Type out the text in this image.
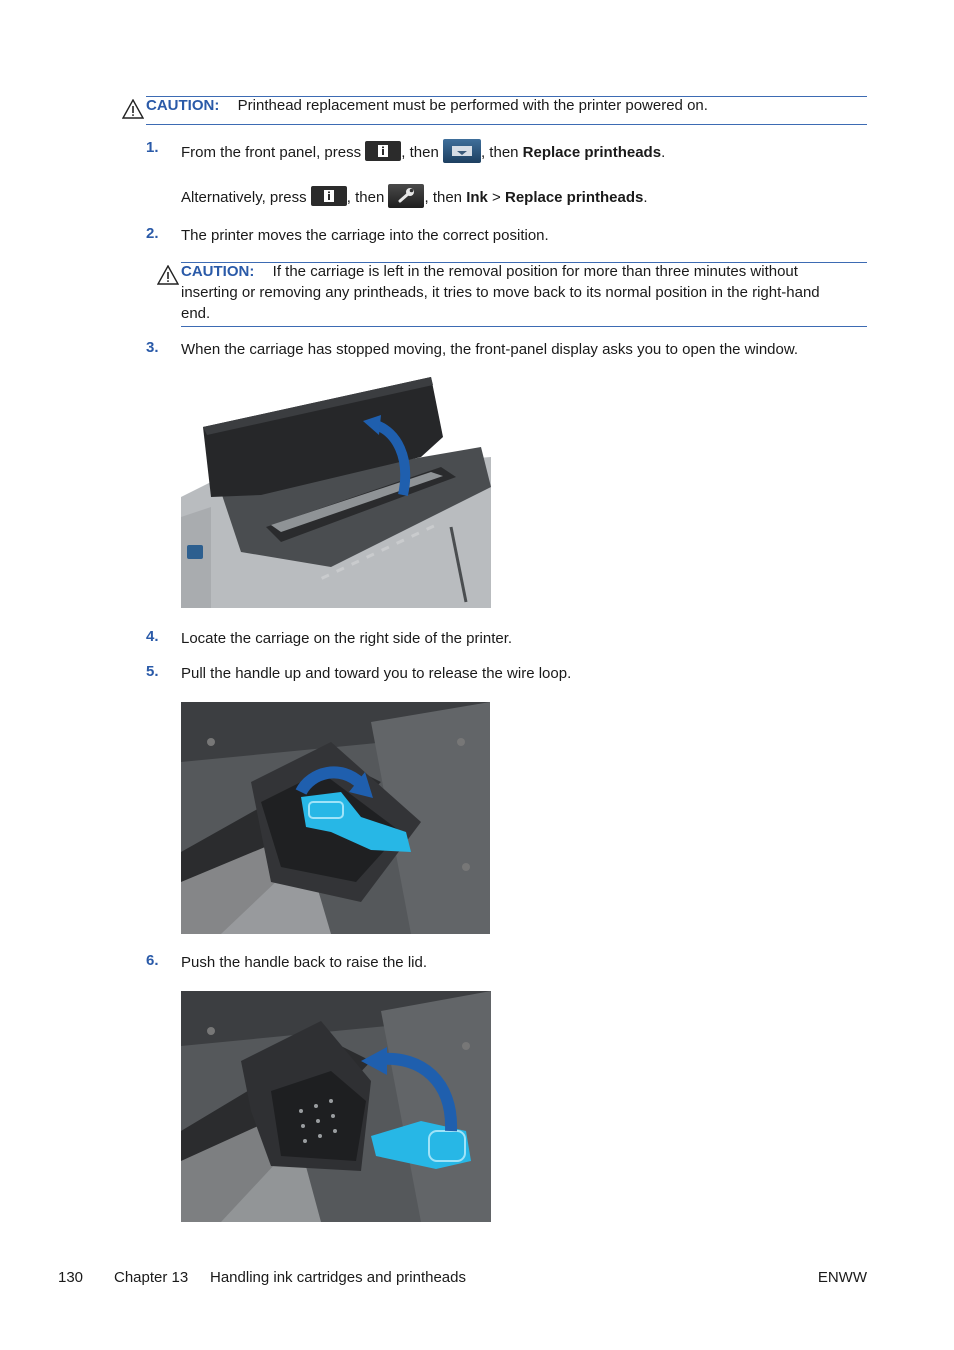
CAUTION: Printhead replacement must be performed with the printer powered on.
1. From the front panel, press	, then	, then Replace printheads.
Alternatively, press	, then	, then Ink > Replace printheads.
2. The printer moves the carriage into the correct position.
CAUTION: If the carriage is left in the removal position for more than three minutes without
inserting or removing any printheads, it tries to move back to its normal position in the right-hand
end.
3. When the carriage has stopped moving, the front-panel display asks you to open the window.
4. Locate the carriage on the right side of the printer.
5. Pull the handle up and toward you to release the wire loop.
6. Push the handle back to raise the lid.
130 Chapter 13 Handling ink cartridges and printheads	ENWW
